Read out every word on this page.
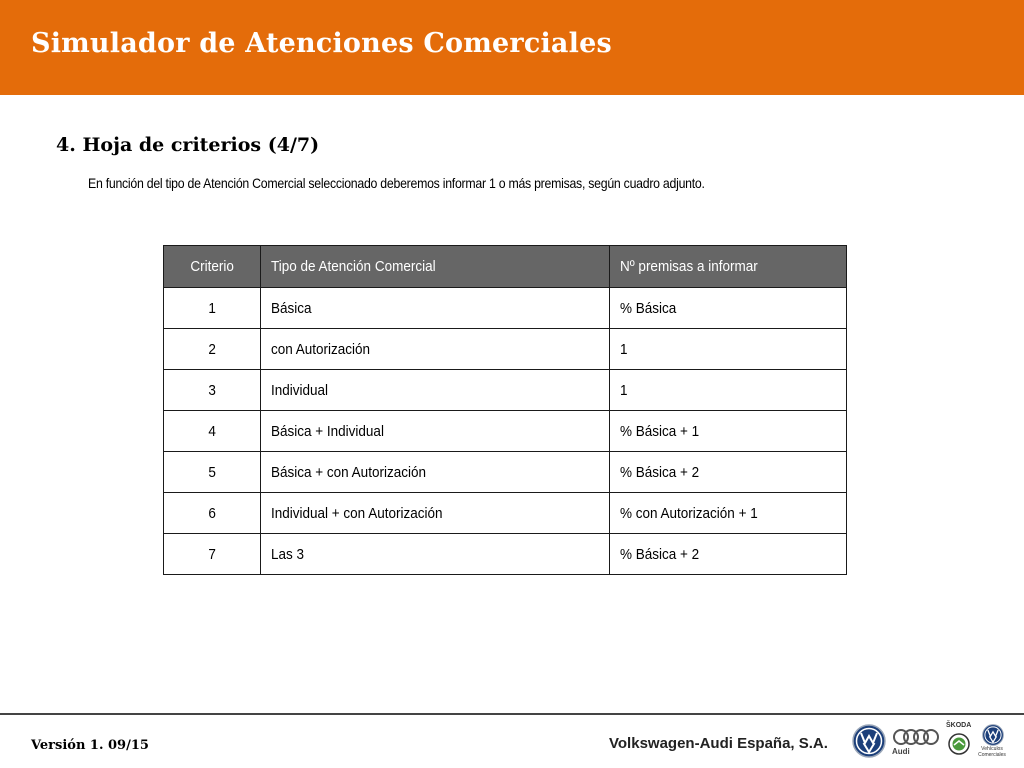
Simulador de Atenciones Comerciales
4. Hoja de criterios (4/7)
En función del tipo de Atención Comercial seleccionado deberemos informar 1 o más premisas, según cuadro adjunto.
Criterio	Tipo de Atención Comercial	Nº premisas a informar
1	Básica	% Básica
2	con Autorización	1
3	Individual	1
4	Básica + Individual	% Básica + 1
5	Básica + con Autorización	% Básica + 2
6	Individual + con Autorización	% con Autorización + 1
7	Las 3	% Básica + 2
Versión 1. 09/15	Volkswagen-Audi España, S.A.	Audi
ŠKODA
Vehículos Comerciales
